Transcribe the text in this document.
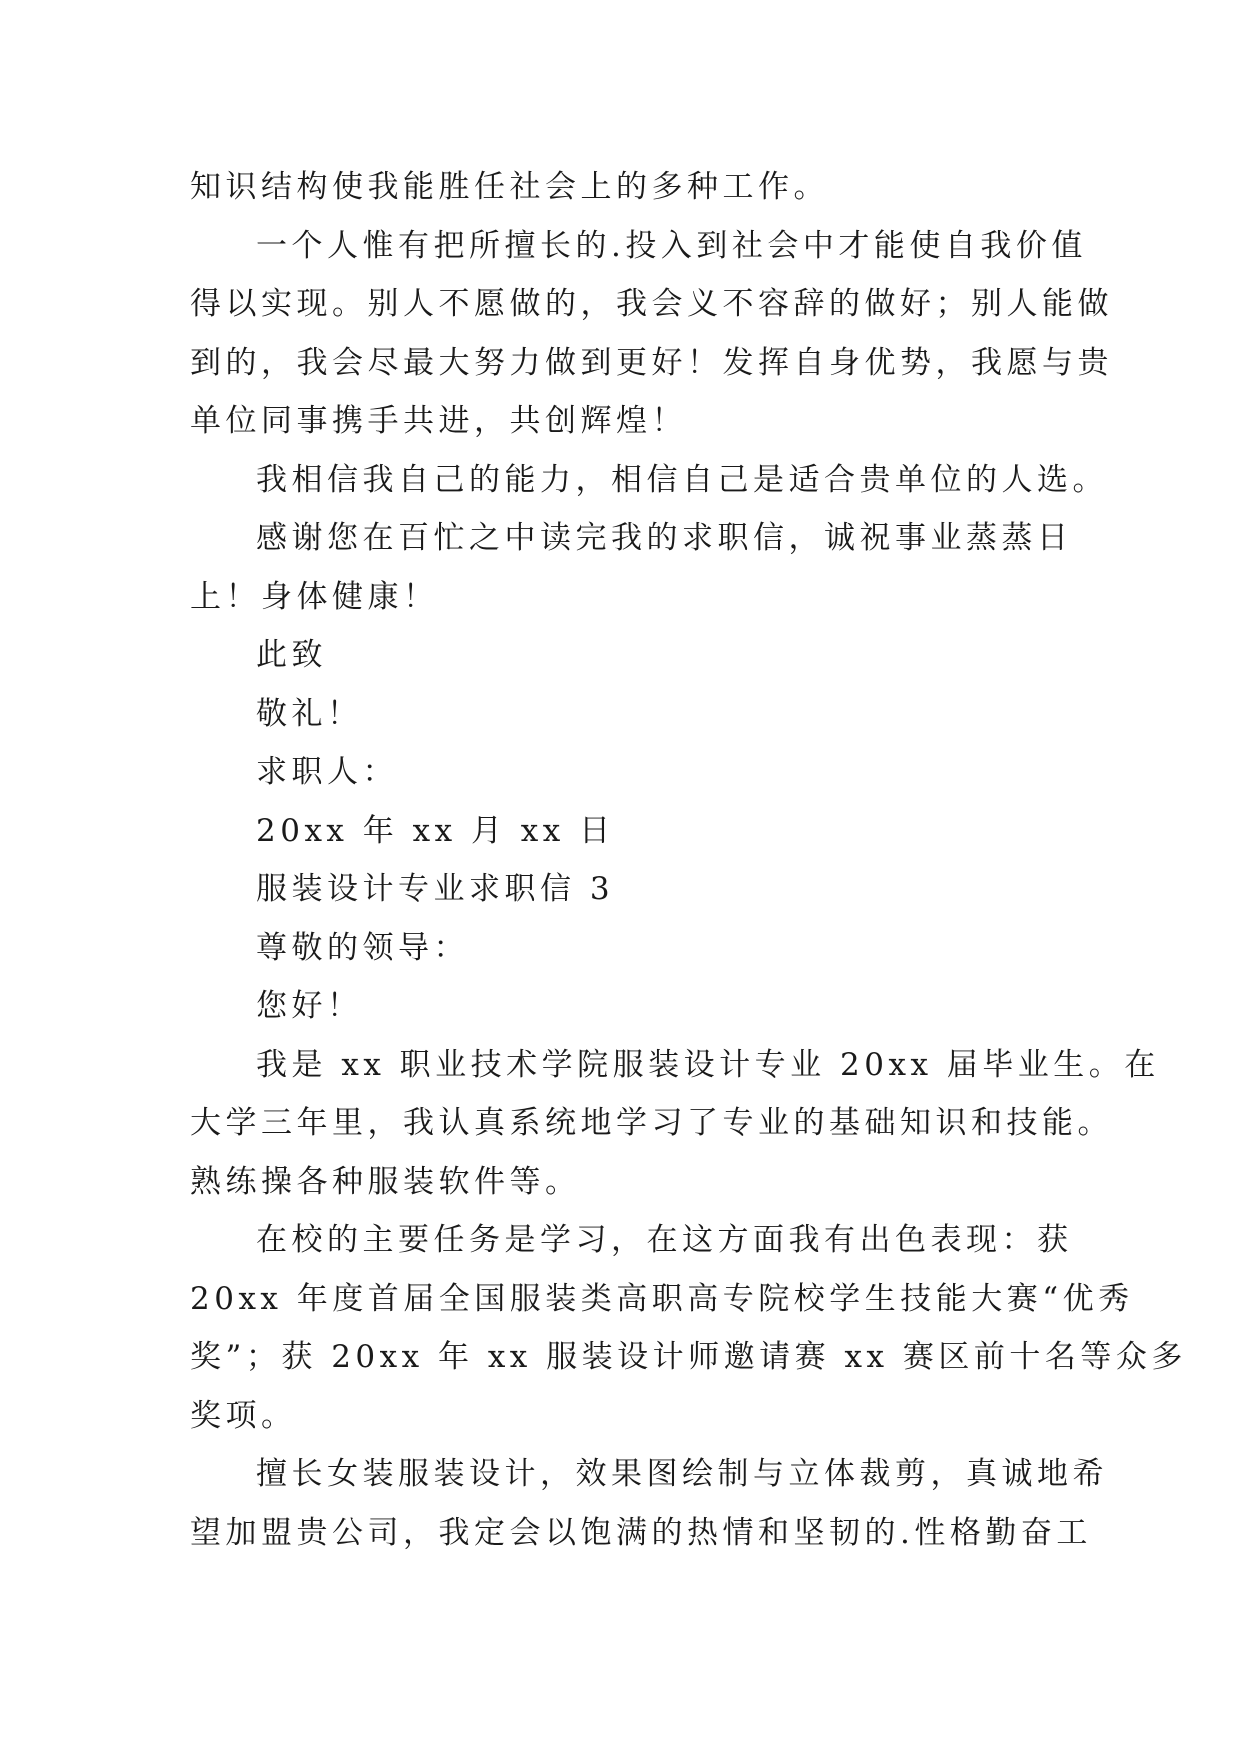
知识结构使我能胜任社会上的多种工作。

一个人惟有把所擅长的.投入到社会中才能使自我价值

得以实现。别人不愿做的，我会义不容辞的做好；别人能做

到的，我会尽最大努力做到更好！发挥自身优势，我愿与贵

单位同事携手共进，共创辉煌！

我相信我自己的能力，相信自己是适合贵单位的人选。

感谢您在百忙之中读完我的求职信，诚祝事业蒸蒸日

上！身体健康！

此致

敬礼！

求职人：

20xx 年 xx 月 xx 日

服装设计专业求职信 3

尊敬的领导：

您好！

我是 xx 职业技术学院服装设计专业 20xx 届毕业生。在

大学三年里，我认真系统地学习了专业的基础知识和技能。

熟练操各种服装软件等。

在校的主要任务是学习，在这方面我有出色表现：获

20xx 年度首届全国服装类高职高专院校学生技能大赛“优秀

奖”；获 20xx 年 xx 服装设计师邀请赛 xx 赛区前十名等众多

奖项。

擅长女装服装设计，效果图绘制与立体裁剪，真诚地希

望加盟贵公司，我定会以饱满的热情和坚韧的.性格勤奋工
